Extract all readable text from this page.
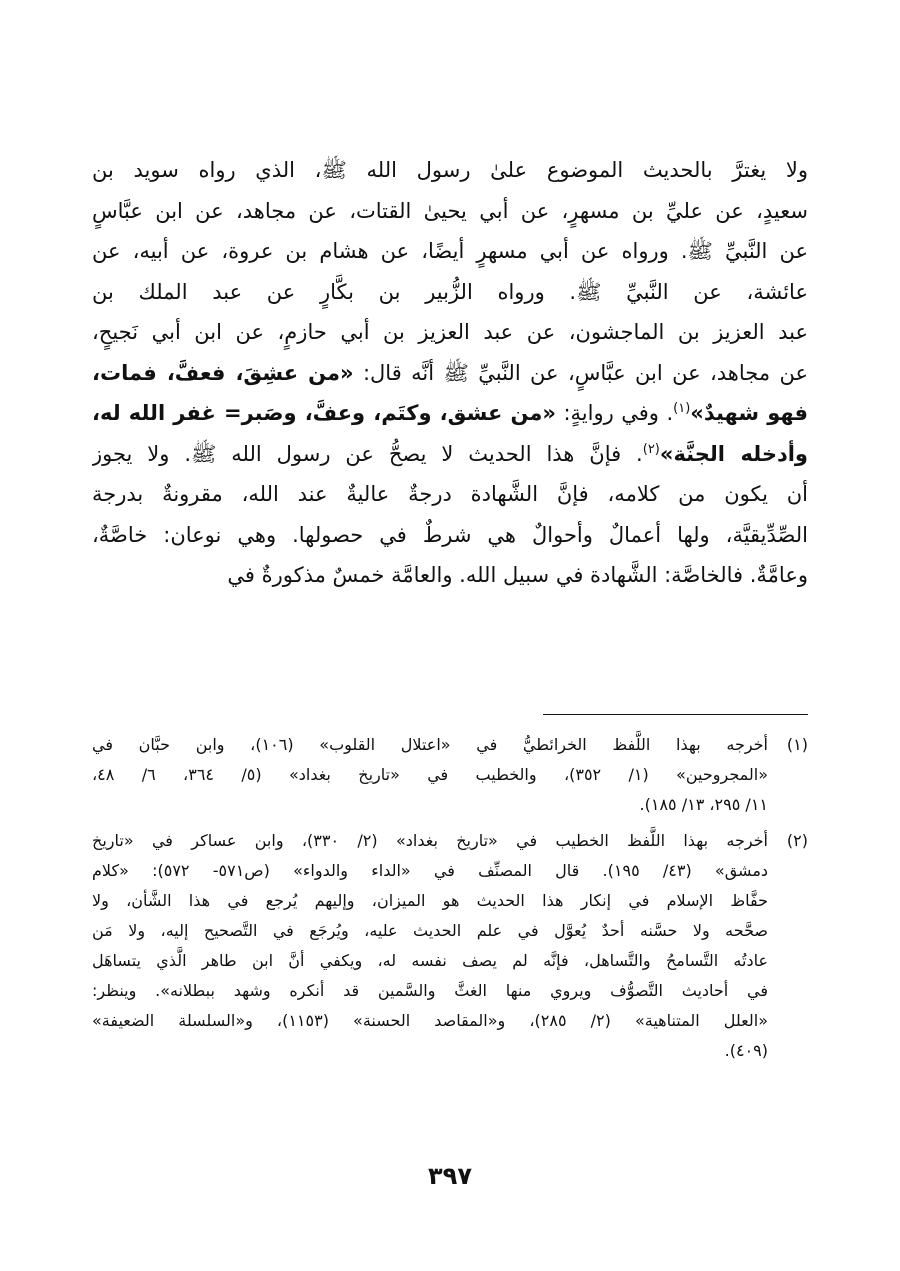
ولا يغترَّ بالحديث الموضوع علىٰ رسول الله ﷺ، الذي رواه سويد بن
سعيدٍ، عن عليِّ بن مسهرٍ، عن أبي يحيىٰ القتات، عن مجاهد، عن ابن عبَّاسٍ
عن النَّبيِّ ﷺ. ورواه عن أبي مسهرٍ أيضًا، عن هشام بن عروة، عن أبيه، عن
عائشة، عن النَّبيِّ ﷺ. ورواه الزُّبير بن بكَّارٍ عن عبد الملك بن
عبد العزيز بن الماجشون، عن عبد العزيز بن أبي حازمٍ، عن ابن أبي نَجيحٍ،
عن مجاهد، عن ابن عبَّاسٍ، عن النَّبيِّ ﷺ أنَّه قال: «من عشِقَ، فعفَّ، فمات،
فهو شهيدٌ»$^{(١)}$. وفي روايةٍ: «من عشق، وكتَم، وعفَّ، وصَبر= غفر الله له،
وأدخله الجنَّة»$^{(٢)}$. فإنَّ هذا الحديث لا يصحُّ عن رسول الله ﷺ. ولا يجوز
أن يكون من كلامه، فإنَّ الشَّهادة درجةٌ عاليةٌ عند الله، مقرونةٌ بدرجة
الصِّدِّيقيَّة، ولها أعمالٌ وأحوالٌ هي شرطٌ في حصولها. وهي نوعان: خاصَّةٌ،
وعامَّةٌ. فالخاصَّة: الشَّهادة في سبيل الله. والعامَّة خمسٌ مذكورةٌ في
(١)
أخرجه بهذا اللَّفظ الخرائطيُّ في «اعتلال القلوب» (١٠٦)، وابن حبَّان في
«المجروحين» (١/ ٣٥٢)، والخطيب في «تاريخ بغداد» (٥/ ٣٦٤، ٦/ ٤٨،
١١/ ٢٩٥، ١٣/ ١٨٥).
(٢)
أخرجه بهذا اللَّفظ الخطيب في «تاريخ بغداد» (٢/ ٣٣٠)، وابن عساكر في «تاريخ
دمشق» (٤٣/ ١٩٥). قال المصنِّف في «الداء والدواء» (ص٥٧١- ٥٧٢): «كلام
حفَّاظ الإسلام في إنكار هذا الحديث هو الميزان، وإليهم يُرجع في هذا الشَّأن، ولا
صحَّحه ولا حسَّنه أحدٌ يُعوَّل في علم الحديث عليه، ويُرجَع في التَّصحيح إليه، ولا مَن
عادتُه التَّسامحُ والتَّساهل، فإنَّه لم يصف نفسه له، ويكفي أنَّ ابن طاهر الَّذي يتساهَل
في أحاديث التَّصوُّف ويروي منها الغثَّ والسَّمين قد أنكره وشهد ببطلانه». وينظر:
«العلل المتناهية» (٢/ ٢٨٥)، و«المقاصد الحسنة» (١١٥٣)، و«السلسلة الضعيفة»
(٤٠٩).
٣٩٧
